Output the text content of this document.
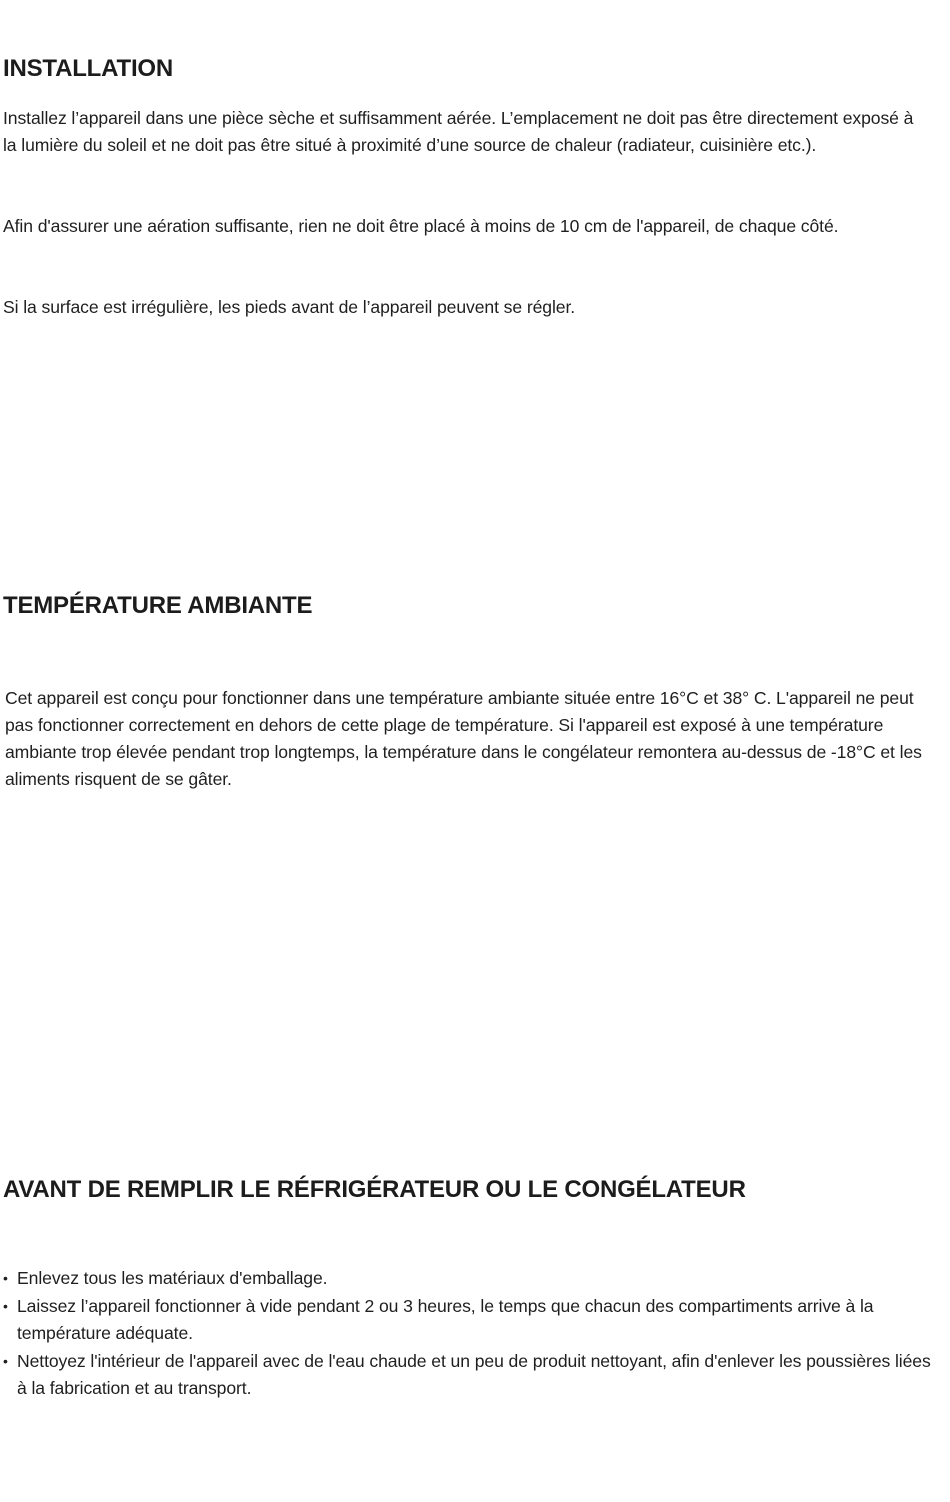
INSTALLATION

Installez l’appareil dans une pièce sèche et suffisamment aérée. L’emplacement ne doit pas être directement exposé à la lumière du soleil et ne doit pas être situé à proximité d’une source de chaleur (radiateur, cuisinière etc.).

Afin d'assurer une aération suffisante, rien ne doit être placé à moins de 10 cm de l'appareil, de chaque côté.

Si la surface est irrégulière, les pieds avant de l’appareil peuvent se régler.

TEMPÉRATURE AMBIANTE

Cet appareil est conçu pour fonctionner dans une température ambiante située entre 16°C et 38° C. L'appareil ne peut pas fonctionner correctement en dehors de cette plage de température. Si l'appareil est exposé à une température ambiante trop élevée pendant trop longtemps, la température dans le congélateur remontera au-dessus de -18°C et les aliments risquent de se gâter.

AVANT DE REMPLIR LE RÉFRIGÉRATEUR OU LE CONGÉLATEUR
• Enlevez tous les matériaux d'emballage.
• Laissez l’appareil fonctionner à vide pendant 2 ou 3 heures, le temps que chacun des compartiments arrive à la température adéquate.
• Nettoyez l'intérieur de l'appareil avec de l'eau chaude et un peu de produit nettoyant, afin d'enlever les poussières liées à la fabrication et au transport.
